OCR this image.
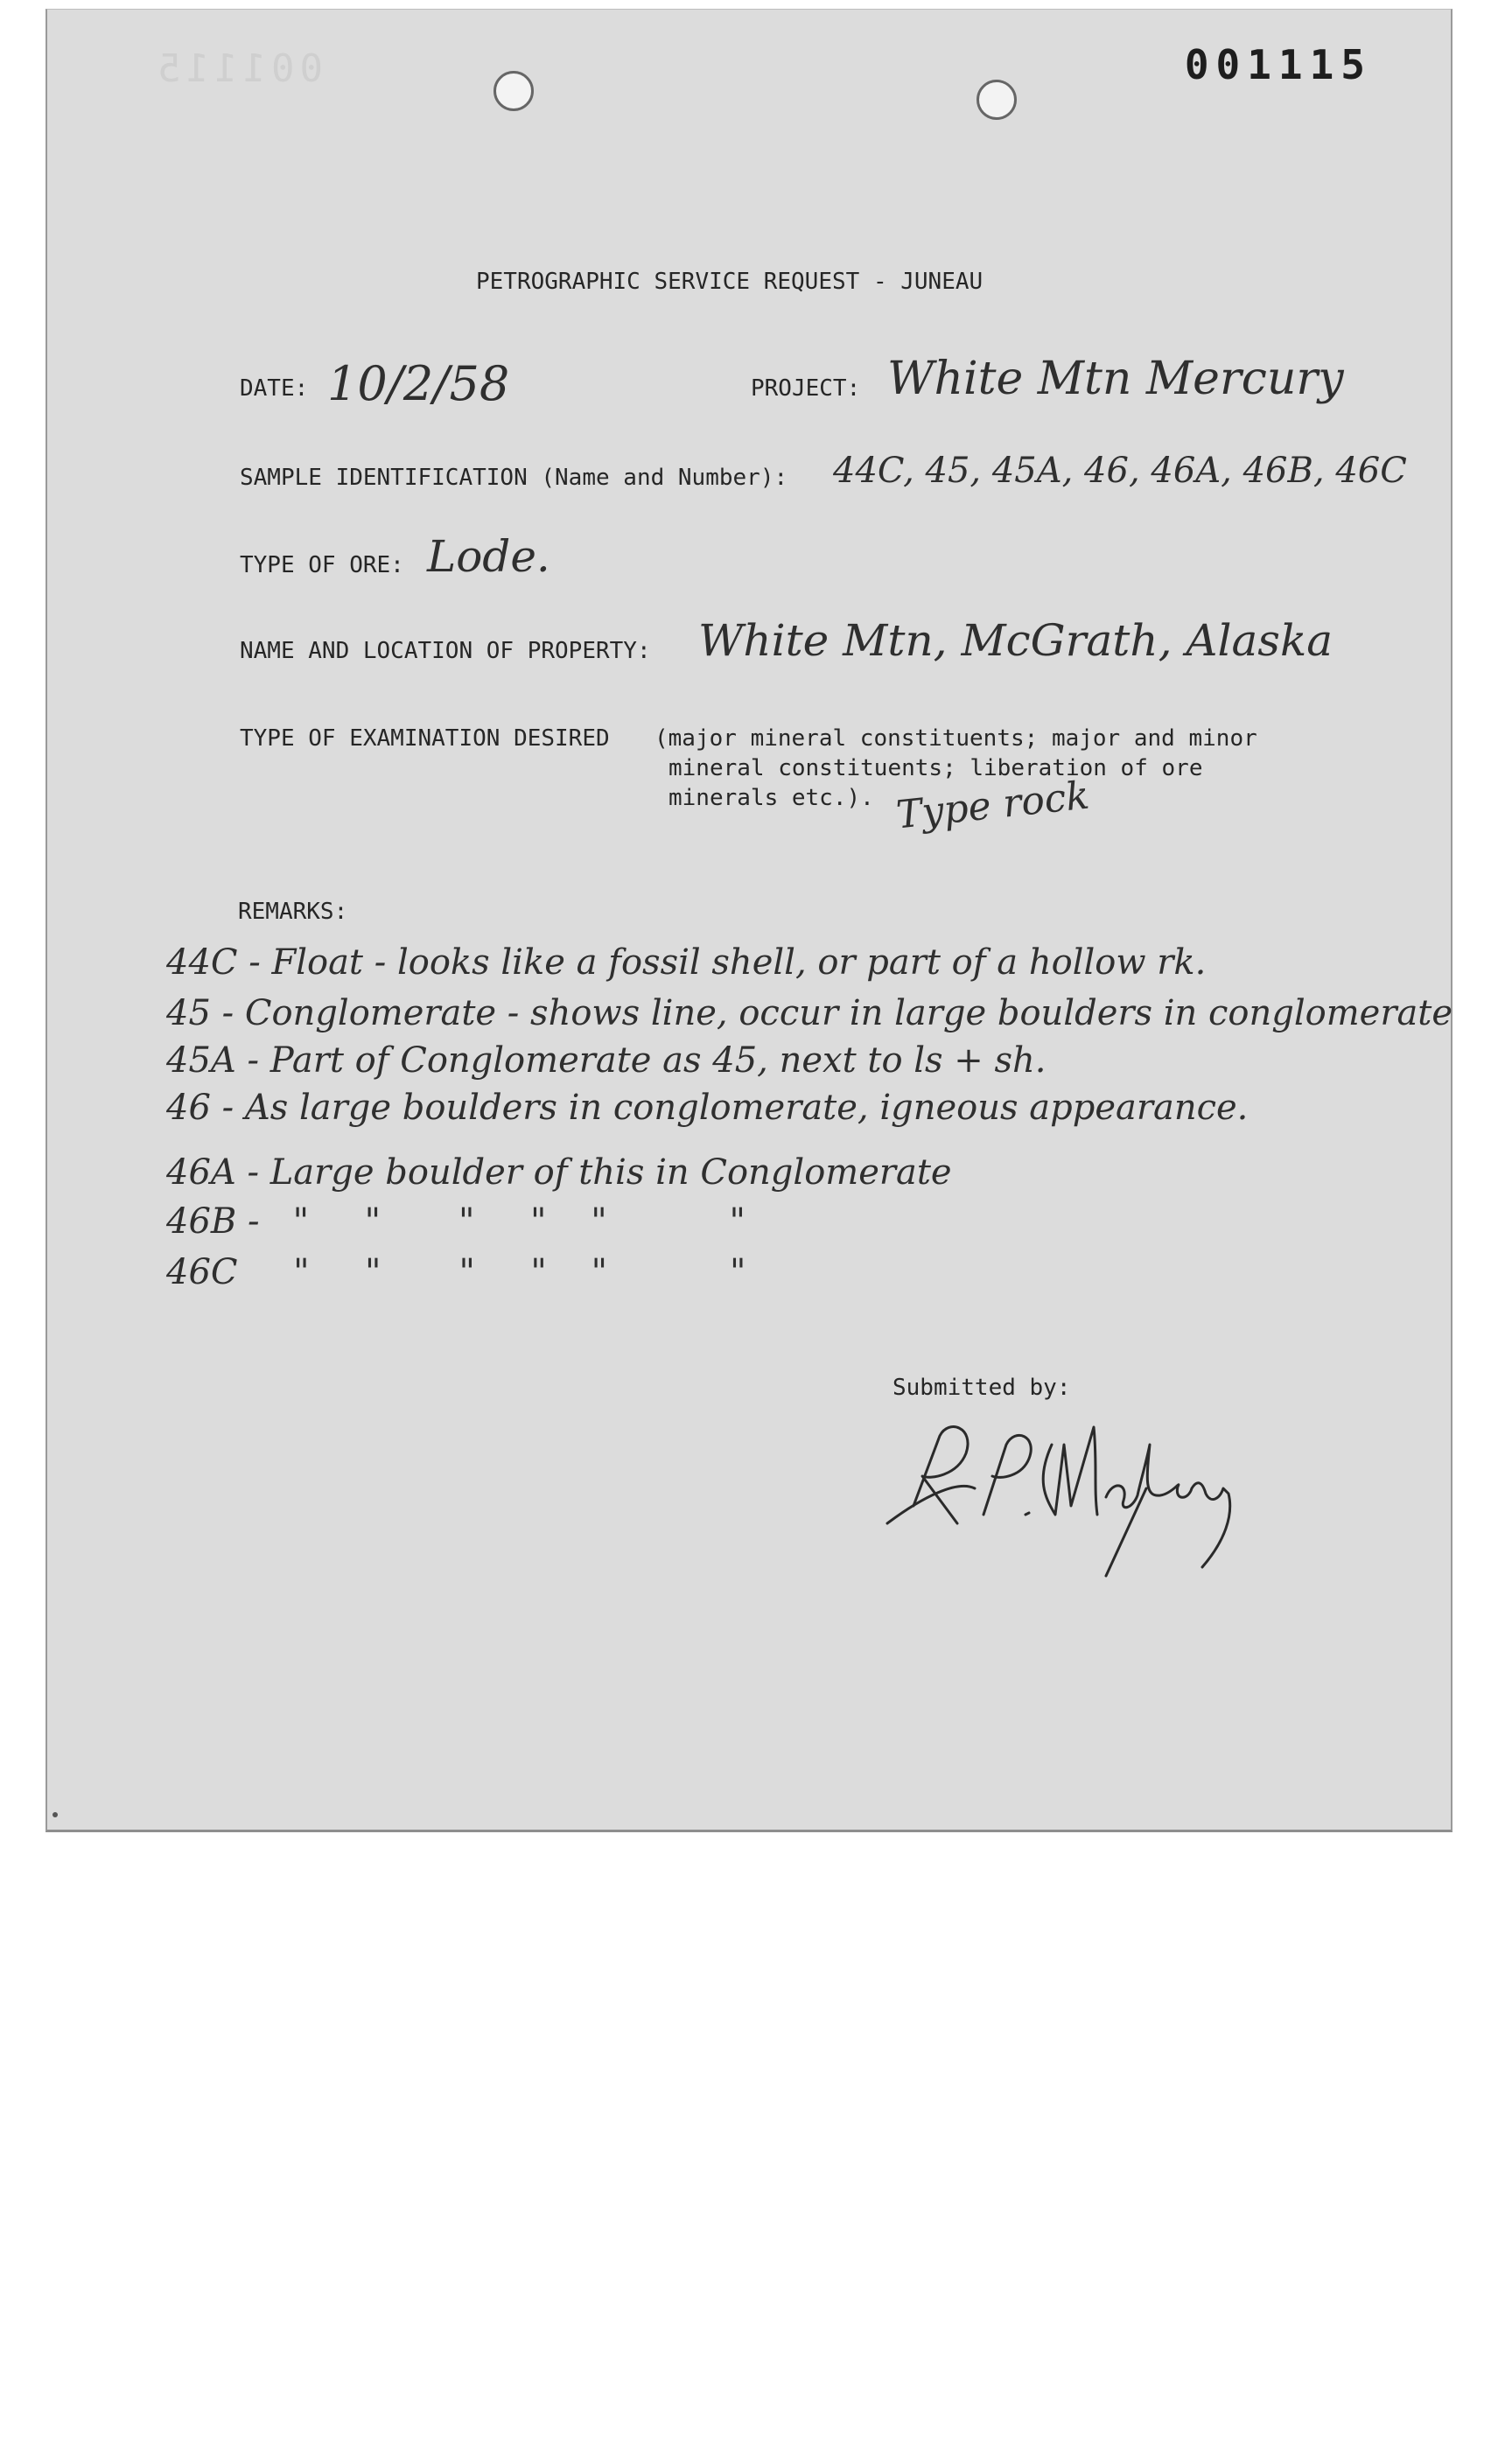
001115	001115
PETROGRAPHIC SERVICE REQUEST - JUNEAU
DATE: 10/2/58	PROJECT: White Mtn Mercury
SAMPLE IDENTIFICATION (Name and Number): 44C, 45, 45A, 46, 46A, 46B, 46C
TYPE OF ORE: Lode.
NAME AND LOCATION OF PROPERTY: White Mtn, McGrath, Alaska
TYPE OF EXAMINATION DESIRED (major mineral constituents; major and minor
mineral constituents; liberation of ore
minerals etc.). Type rock
REMARKS:
44C - Float - looks like a fossil shell, or part of a hollow rk.
45 - Conglomerate - shows line, occur in large boulders in conglomerate
45A - Part of Conglomerate as 45, next to ls + sh.
46 - As large boulders in conglomerate, igneous appearance.
46A - Large boulder of this in Conglomerate
46B -   "     "       "     "    "           "
46C     "     "       "     "    "           "
Submitted by:
